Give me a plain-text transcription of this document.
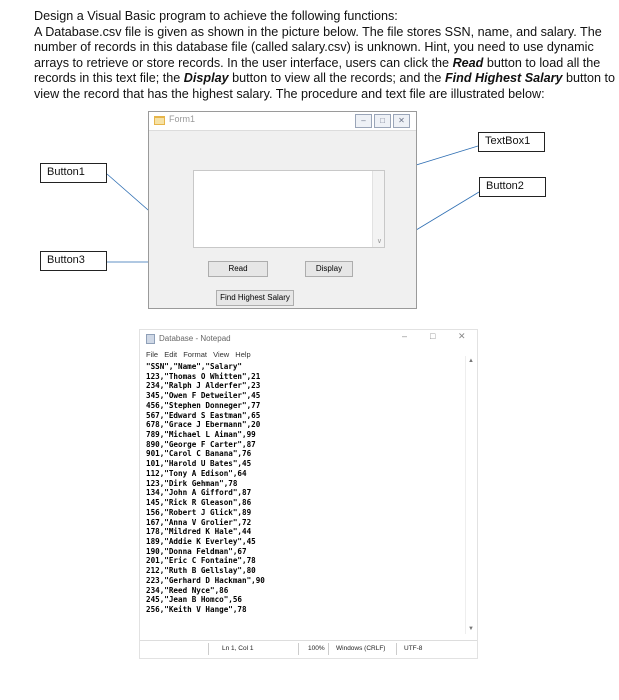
Design a Visual Basic program to achieve the following functions:
A Database.csv file is given as shown in the picture below. The file stores SSN, name, and salary. The
number of records in this database file (called salary.csv) is unknown. Hint, you need to use dynamic
arrays to retrieve or store records. In the user interface, users can click the Read button to load all the
records in this text file; the Display button to view all the records; and the Find Highest Salary button to
view the record that has the highest salary. The procedure and text file are illustrated below:
Form1	–	□	✕
∨
Read	Display
Find Highest Salary
Button1
Button3
TextBox1
Button2
Database - Notepad	–	□	✕
File Edit Format View Help
"SSN","Name","Salary"
123,"Thomas O Whitten",21
234,"Ralph J Alderfer",23
345,"Owen F Detweiler",45
456,"Stephen Donneger",77
567,"Edward S Eastman",65
678,"Grace J Ebermann",20
789,"Michael L Aiman",99
890,"George F Carter",87
901,"Carol C Banana",76
101,"Harold U Bates",45
112,"Tony A Edison",64
123,"Dirk Gehman",78
134,"John A Gifford",87
145,"Rick R Gleason",86
156,"Robert J Glick",89
167,"Anna V Grolier",72
178,"Mildred K Hale",44
189,"Addie K Everley",45
190,"Donna Feldman",67
201,"Eric C Fontaine",78
212,"Ruth B Gellslay",80
223,"Gerhard D Hackman",90
234,"Reed Nyce",86
245,"Jean B Homco",56
256,"Keith V Hange",78
▲
▼
Ln 1, Col 1	100% Windows (CRLF)	UTF-8
